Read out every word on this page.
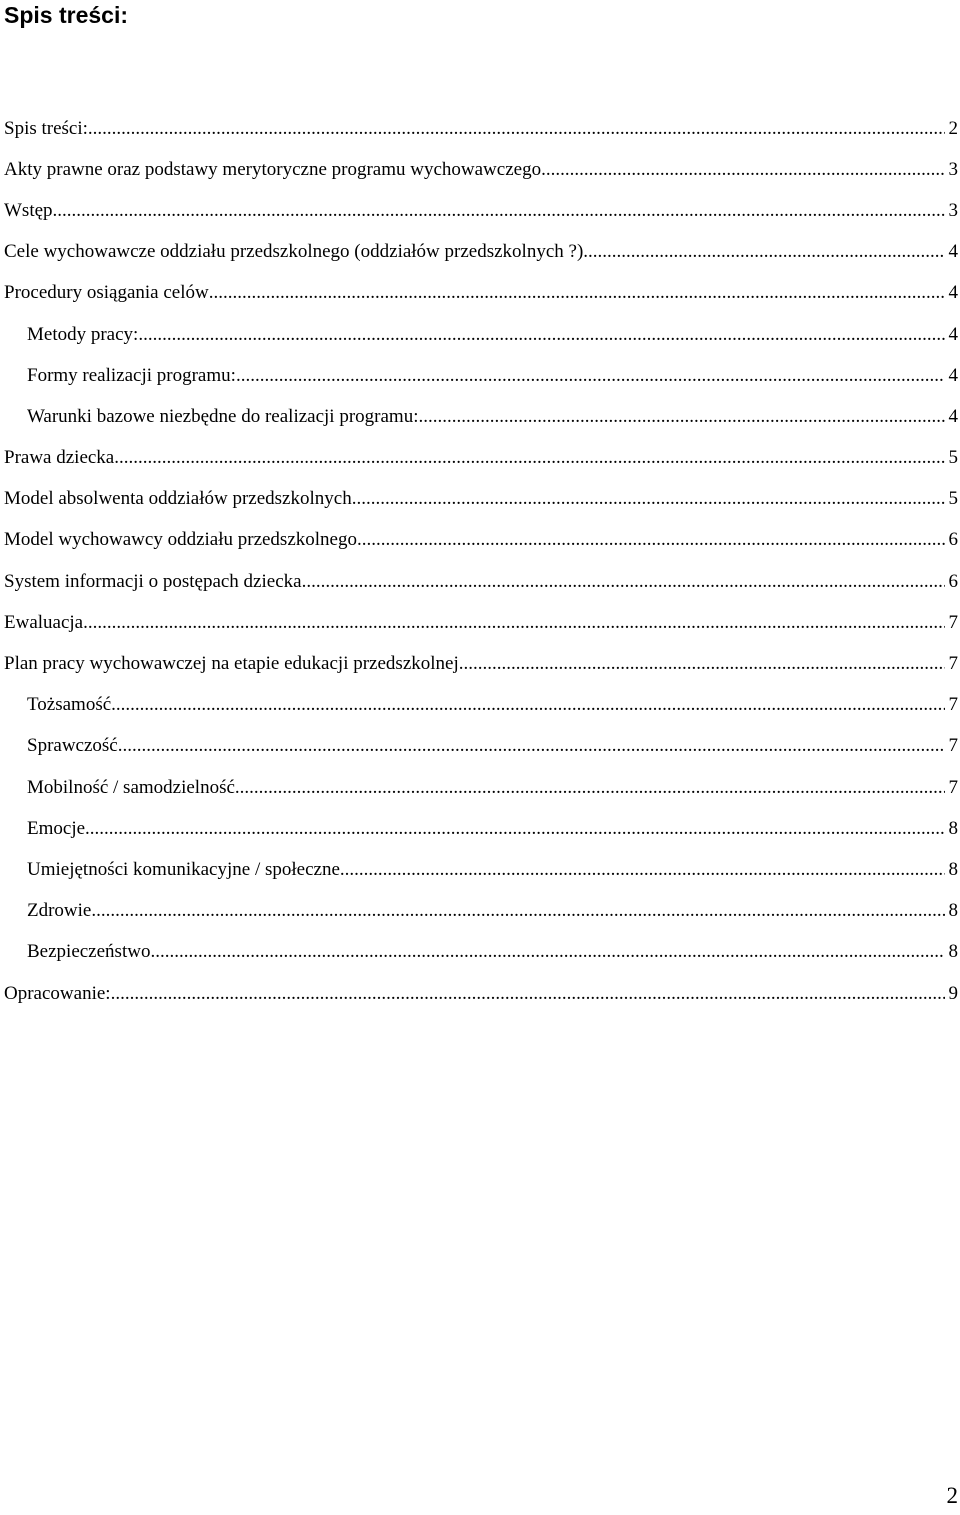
Spis treści:
Spis treści: .....	2
Akty prawne oraz podstawy merytoryczne programu wychowawczego .....	3
Wstęp .....	3
Cele wychowawcze oddziału przedszkolnego (oddziałów przedszkolnych ?) .....	4
Procedury osiągania celów .....	4
Metody pracy: .....	4
Formy realizacji programu: .....	4
Warunki bazowe niezbędne do realizacji programu: .....	4
Prawa dziecka .....	5
Model absolwenta oddziałów przedszkolnych .....	5
Model wychowawcy oddziału przedszkolnego .....	6
System informacji o postępach dziecka .....	6
Ewaluacja .....	7
Plan pracy wychowawczej na etapie edukacji przedszkolnej .....	7
Tożsamość .....	7
Sprawczość .....	7
Mobilność / samodzielność .....	7
Emocje .....	8
Umiejętności komunikacyjne / społeczne .....	8
Zdrowie .....	8
Bezpieczeństwo .....	8
Opracowanie: .....	9
2
